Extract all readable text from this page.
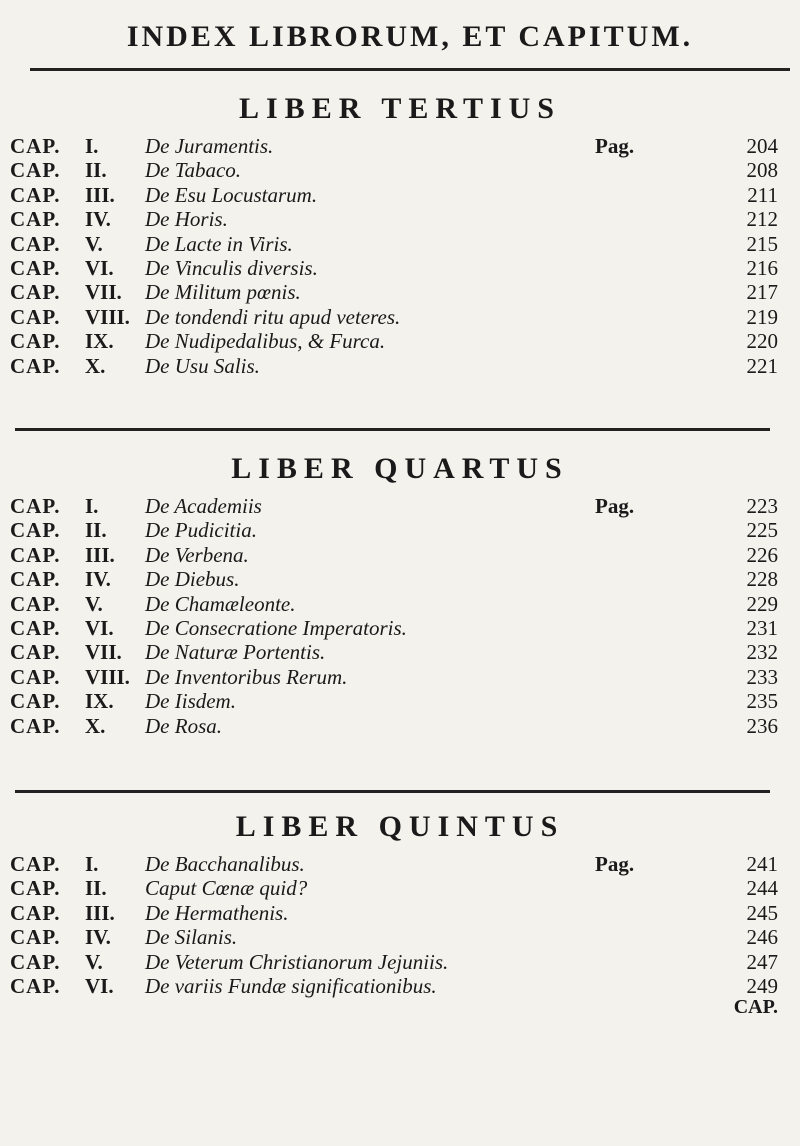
INDEX LIBRORUM, ET CAPITUM.
LIBER TERTIUS
CAP. I. De Juramentis.	Pag.	204
CAP. II. De Tabaco.	208
CAP. III. De Esu Locustarum.	211
CAP. IV. De Horis.	212
CAP. V. De Lacte in Viris.	215
CAP. VI. De Vinculis diversis.	216
CAP. VII. De Militum pœnis.	217
CAP. VIII. De tondendi ritu apud veteres.	219
CAP. IX. De Nudipedalibus, & Furca.	220
CAP. X. De Usu Salis.	221
LIBER QUARTUS
CAP. I. De Academiis	Pag.	223
CAP. II. De Pudicitia.	225
CAP. III. De Verbena.	226
CAP. IV. De Diebus.	228
CAP. V. De Chamæleonte.	229
CAP. VI. De Consecratione Imperatoris.	231
CAP. VII. De Naturæ Portentis.	232
CAP. VIII. De Inventoribus Rerum.	233
CAP. IX. De Iisdem.	235
CAP. X. De Rosa.	236
LIBER QUINTUS
CAP. I. De Bacchanalibus.	Pag.	241
CAP. II. Caput Cœnæ quid?	244
CAP. III. De Hermathenis.	245
CAP. IV. De Silanis.	246
CAP. V. De Veterum Christianorum Jejuniis.	247
CAP. VI. De variis Fundæ significationibus.	249
CAP.
